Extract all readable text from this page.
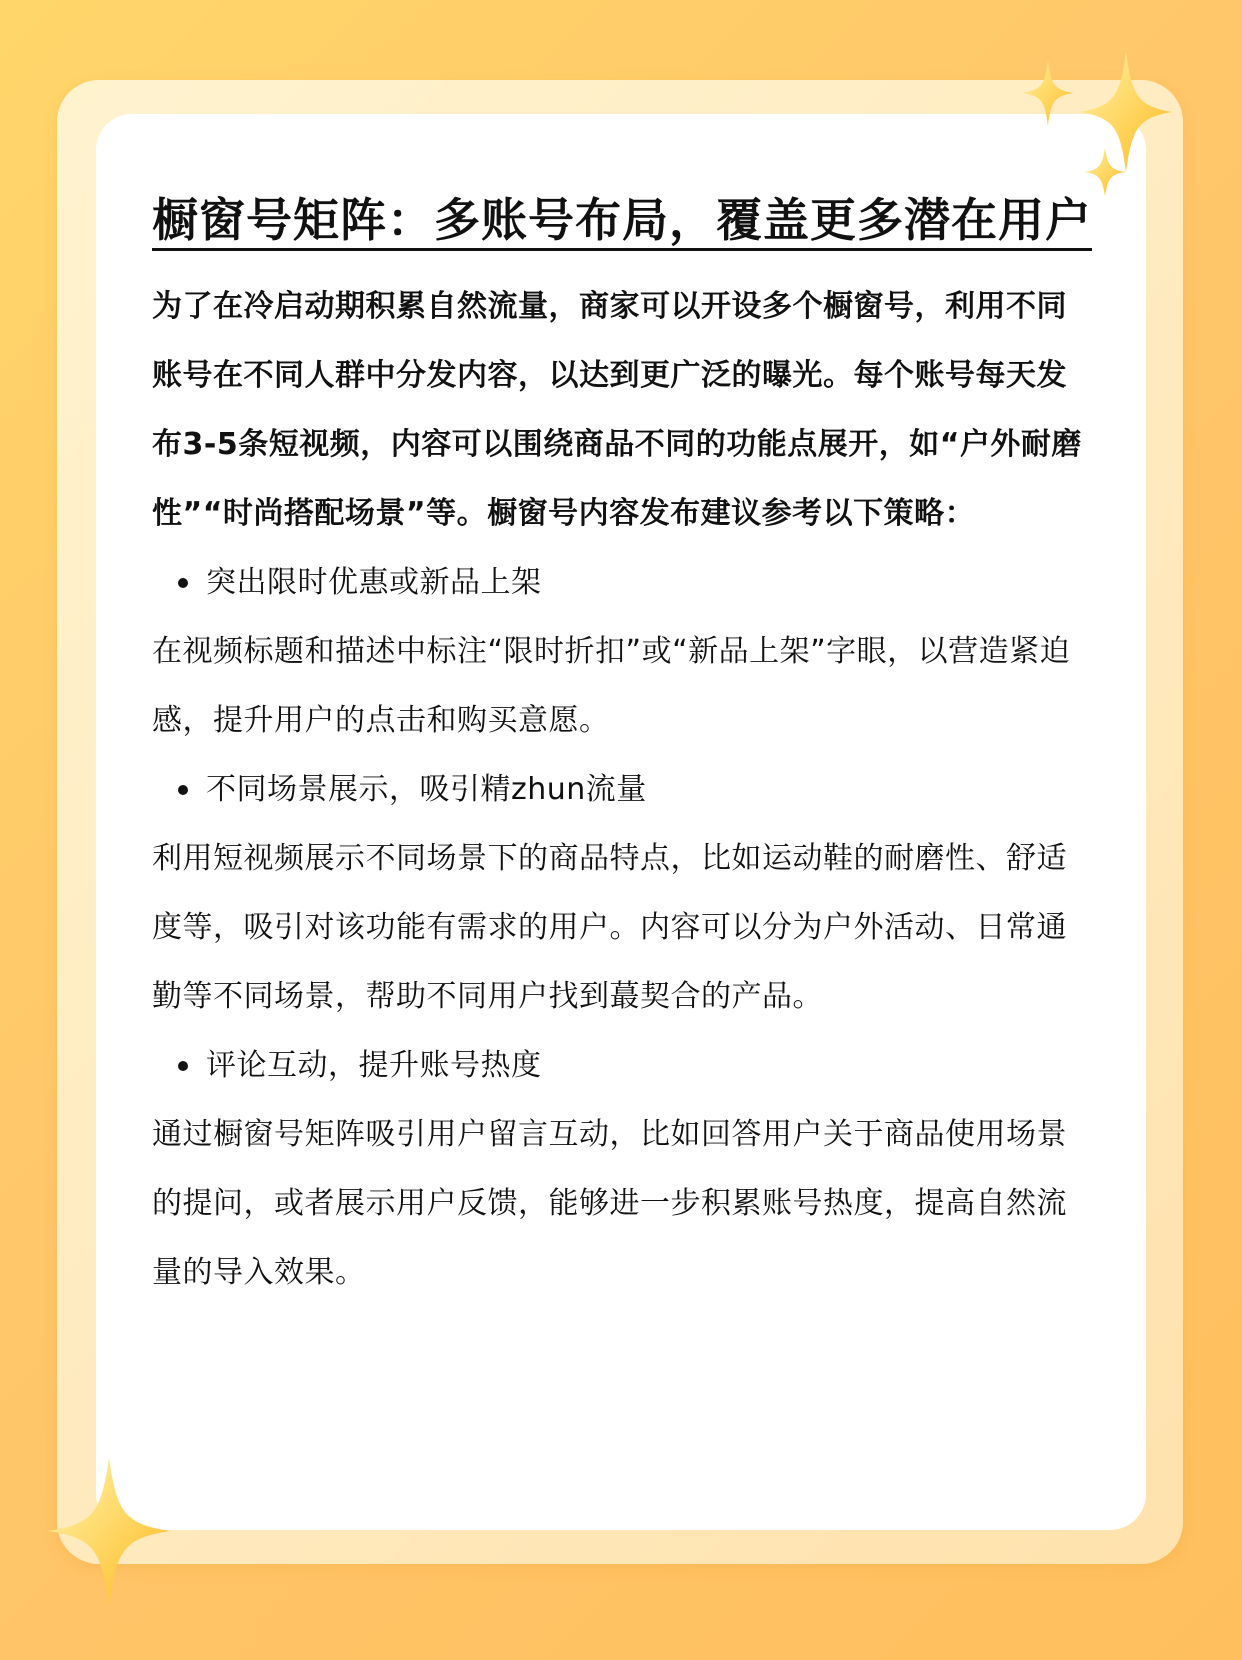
橱窗号矩阵：多账号布局，覆盖更多潜在用户

为了在冷启动期积累自然流量，商家可以开设多个橱窗号，利用不同账号在不同人群中分发内容，以达到更广泛的曝光。每个账号每天发布3-5条短视频，内容可以围绕商品不同的功能点展开，如“户外耐磨性”“时尚搭配场景”等。橱窗号内容发布建议参考以下策略：

突出限时优惠或新品上架

在视频标题和描述中标注“限时折扣”或“新品上架”字眼，以营造紧迫感，提升用户的点击和购买意愿。

不同场景展示，吸引精zhun流量

利用短视频展示不同场景下的商品特点，比如运动鞋的耐磨性、舒适度等，吸引对该功能有需求的用户。内容可以分为户外活动、日常通勤等不同场景，帮助不同用户找到蕞契合的产品。

评论互动，提升账号热度

通过橱窗号矩阵吸引用户留言互动，比如回答用户关于商品使用场景的提问，或者展示用户反馈，能够进一步积累账号热度，提高自然流量的导入效果。
